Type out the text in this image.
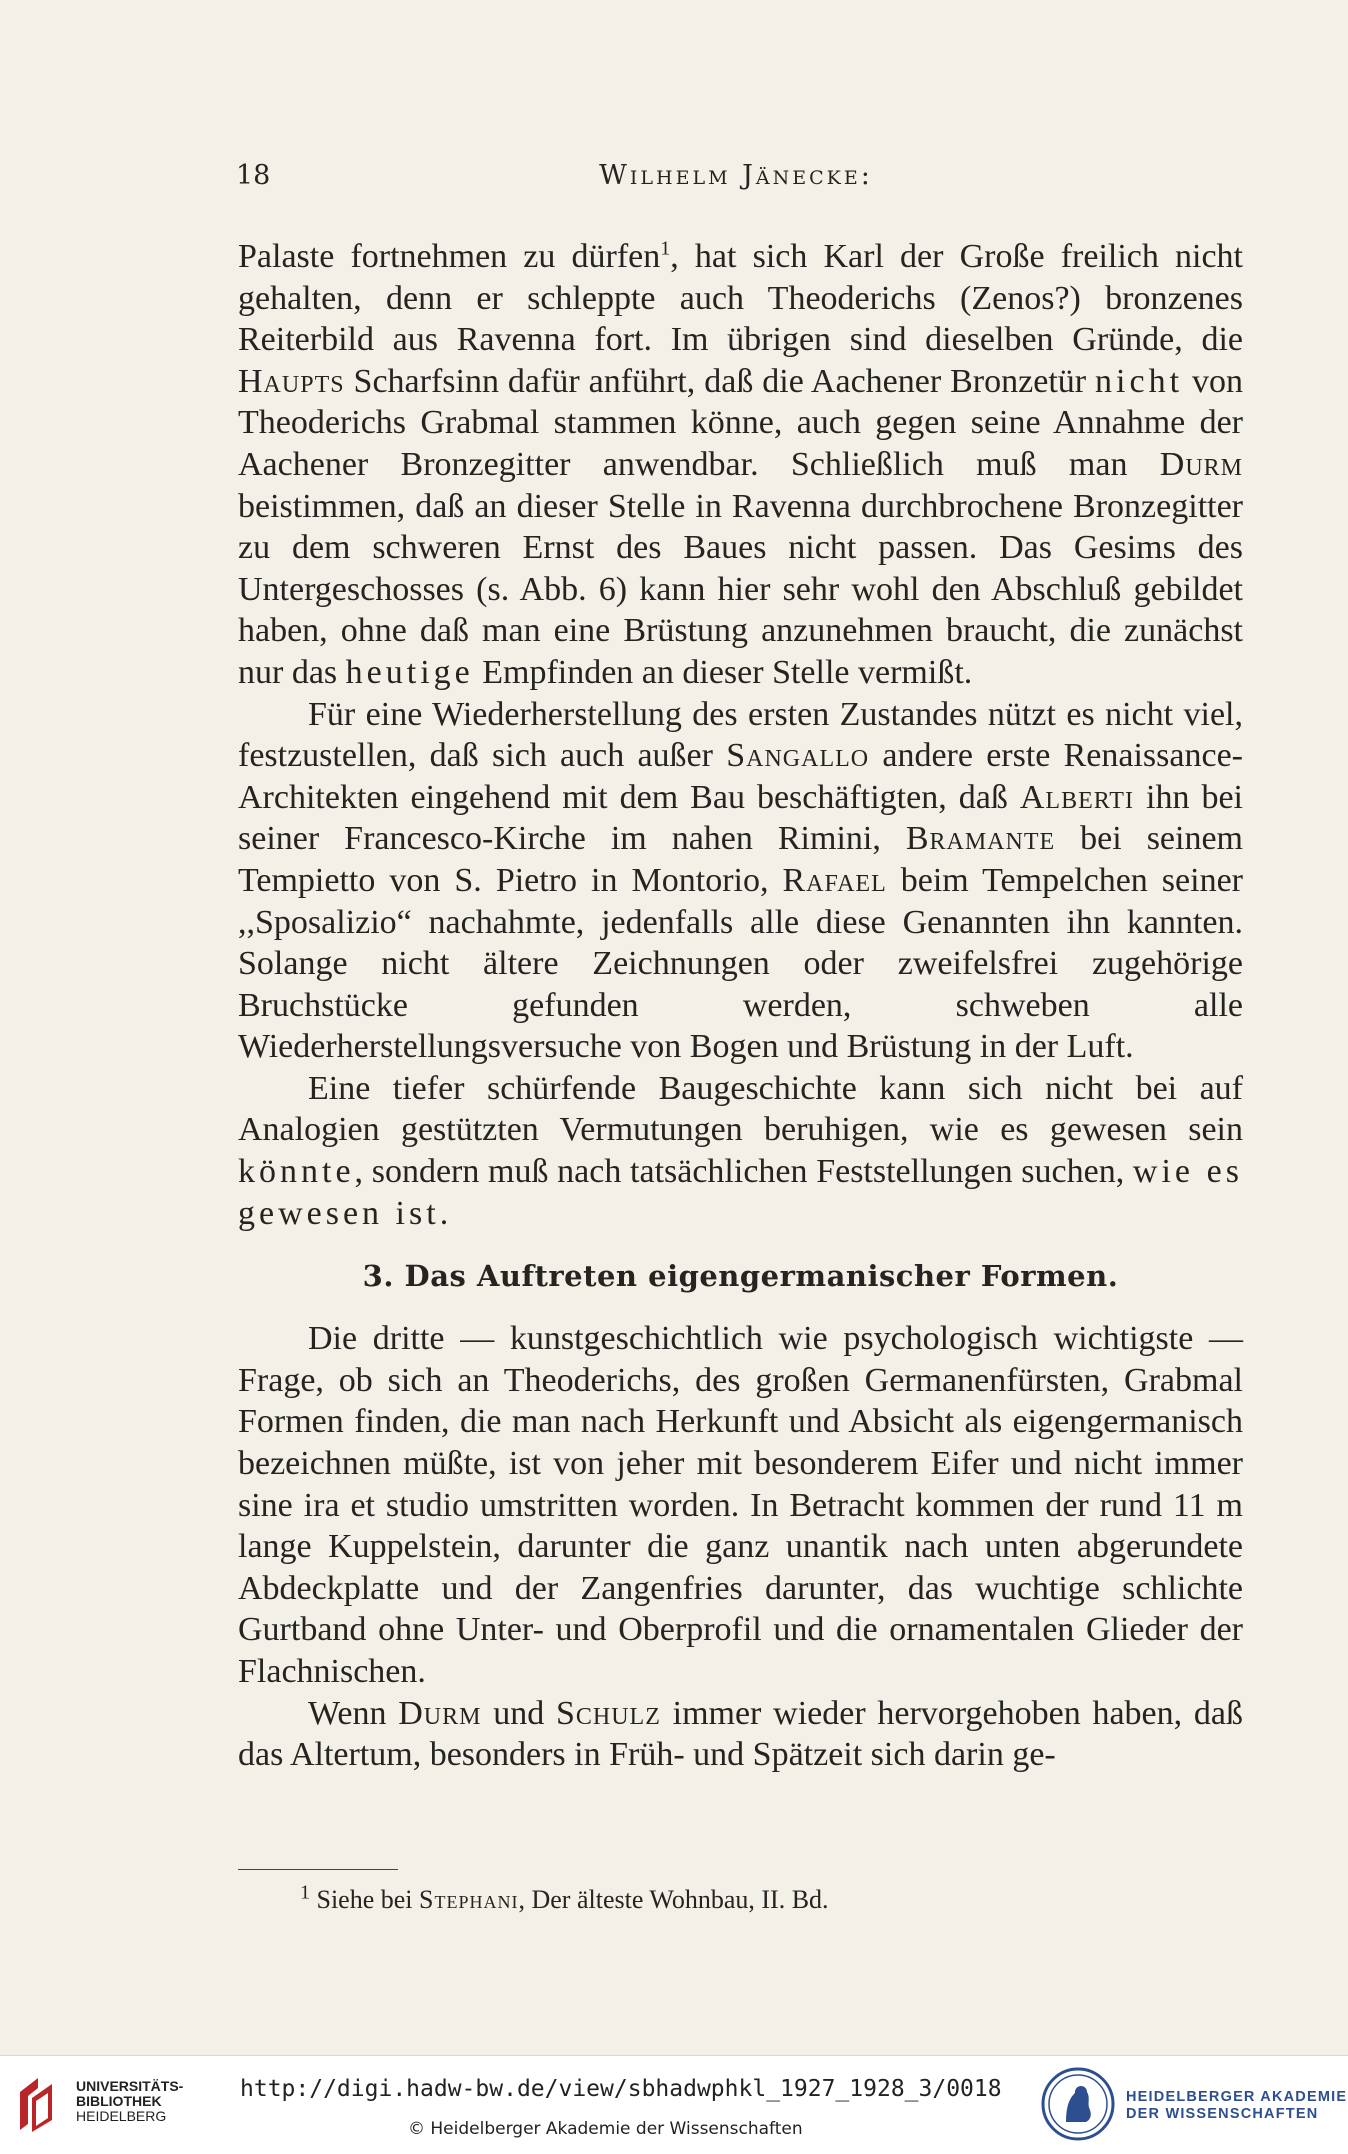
18	Wilhelm Jänecke:

Palaste fortnehmen zu dürfen$^1$, hat sich Karl der Große freilich nicht gehalten, denn er schleppte auch Theoderichs (Zenos?) bronzenes Reiterbild aus Ravenna fort. Im übrigen sind dieselben Gründe, die Haupts Scharfsinn dafür anführt, daß die Aachener Bronzetür nicht von Theoderichs Grabmal stammen könne, auch gegen seine Annahme der Aachener Bronzegitter anwendbar. Schließlich muß man Durm beistimmen, daß an dieser Stelle in Ravenna durchbrochene Bronzegitter zu dem schweren Ernst des Baues nicht passen. Das Gesims des Untergeschosses (s. Abb. 6) kann hier sehr wohl den Abschluß gebildet haben, ohne daß man eine Brüstung anzunehmen braucht, die zunächst nur das heutige Empfinden an dieser Stelle vermißt.

Für eine Wiederherstellung des ersten Zustandes nützt es nicht viel, festzustellen, daß sich auch außer Sangallo andere erste Renaissance-Architekten eingehend mit dem Bau beschäftigten, daß Alberti ihn bei seiner Francesco-Kirche im nahen Rimini, Bramante bei seinem Tempietto von S. Pietro in Montorio, Rafael beim Tempelchen seiner ,,Sposalizio“ nachahmte, jedenfalls alle diese Genannten ihn kannten. Solange nicht ältere Zeichnungen oder zweifelsfrei zugehörige Bruchstücke gefunden werden, schweben alle Wiederherstellungsversuche von Bogen und Brüstung in der Luft.

Eine tiefer schürfende Baugeschichte kann sich nicht bei auf Analogien gestützten Vermutungen beruhigen, wie es gewesen sein könnte, sondern muß nach tatsächlichen Feststellungen suchen, wie es gewesen ist.

3. Das Auftreten eigengermanischer Formen.

Die dritte — kunstgeschichtlich wie psychologisch wichtigste — Frage, ob sich an Theoderichs, des großen Germanenfürsten, Grabmal Formen finden, die man nach Herkunft und Absicht als eigengermanisch bezeichnen müßte, ist von jeher mit besonderem Eifer und nicht immer sine ira et studio umstritten worden. In Betracht kommen der rund 11 m lange Kuppelstein, darunter die ganz unantik nach unten abgerundete Abdeckplatte und der Zangenfries darunter, das wuchtige schlichte Gurtband ohne Unter- und Oberprofil und die ornamentalen Glieder der Flachnischen.

Wenn Durm und Schulz immer wieder hervorgehoben haben, daß das Altertum, besonders in Früh- und Spätzeit sich darin ge-

$^1$ Siehe bei Stephani, Der älteste Wohnbau, II. Bd.
UNIVERSITÄTS-
BIBLIOTHEK
HEIDELBERG
http://digi.hadw-bw.de/view/sbhadwphkl_1927_1928_3/0018
© Heidelberger Akademie der Wissenschaften
HEIDELBERGER AKADEMIE
DER WISSENSCHAFTEN
